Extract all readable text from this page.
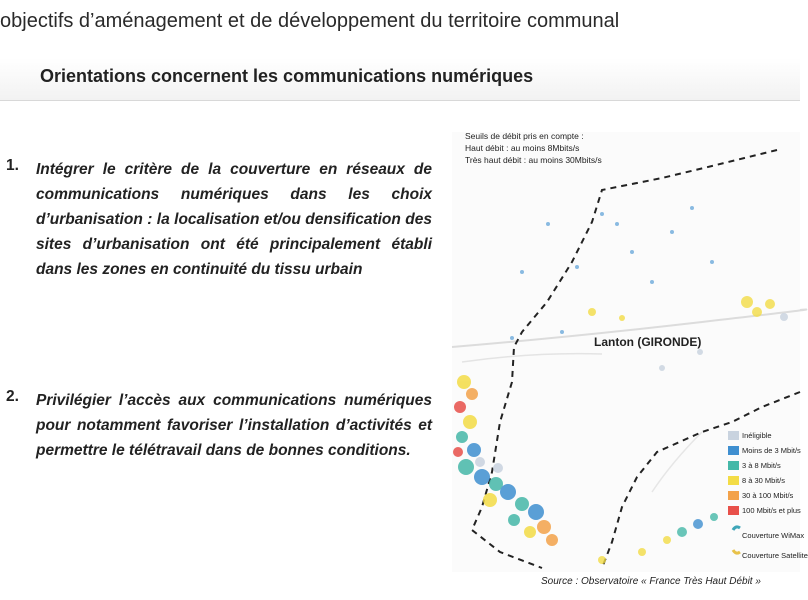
objectifs d’aménagement et de développement du territoire communal
Orientations concernent les communications numériques
1. Intégrer le critère de la couverture en réseaux de communications numériques dans les choix d’urbanisation : la localisation et/ou densification des sites d’urbanisation ont été principalement établi dans les zones en continuité du tissu urbain
2. Privilégier l’accès aux communications numériques pour notamment favoriser l’installation d’activités et permettre le télétravail dans de bonnes conditions.
Seuils de débit pris en compte :
Haut débit : au moins 8Mbits/s
Très haut débit : au moins 30Mbits/s
Lanton (GIRONDE)
Inéligible
Moins de 3 Mbit/s
3 à 8 Mbit/s
8 à 30 Mbit/s
30 à 100 Mbit/s
100 Mbit/s et plus
Couverture WiMax
Couverture Satellite
Source : Observatoire « France Très Haut Débit »
